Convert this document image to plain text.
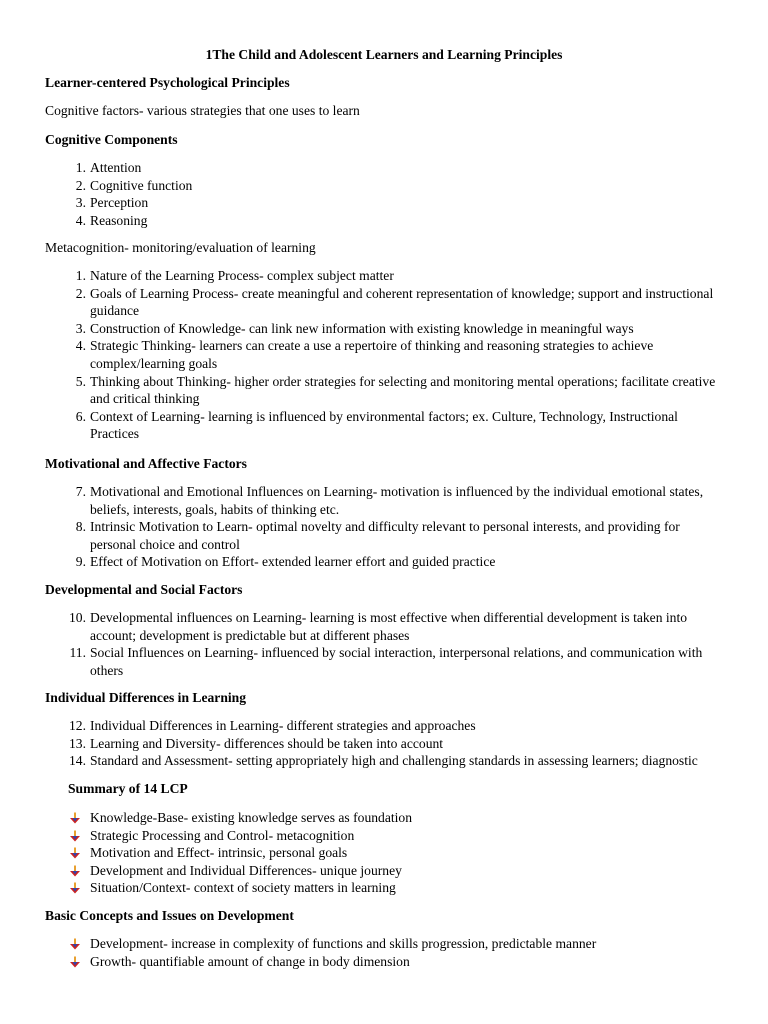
1The Child and Adolescent Learners and Learning Principles
Learner-centered Psychological Principles
Cognitive factors- various strategies that one uses to learn
Cognitive Components
1. Attention
2. Cognitive function
3. Perception
4. Reasoning
Metacognition- monitoring/evaluation of learning
1. Nature of the Learning Process- complex subject matter
2. Goals of Learning Process- create meaningful and coherent representation of knowledge; support and instructional guidance
3. Construction of Knowledge- can link new information with existing knowledge in meaningful ways
4. Strategic Thinking- learners can create a use a repertoire of thinking and reasoning strategies to achieve complex/learning goals
5. Thinking about Thinking- higher order strategies for selecting and monitoring mental operations; facilitate creative and critical thinking
6. Context of Learning- learning is influenced by environmental factors; ex. Culture, Technology, Instructional Practices
Motivational and Affective Factors
7. Motivational and Emotional Influences on Learning- motivation is influenced by the individual emotional states, beliefs, interests, goals, habits of thinking etc.
8. Intrinsic Motivation to Learn- optimal novelty and difficulty relevant to personal interests, and providing for personal choice and control
9. Effect of Motivation on Effort- extended learner effort and guided practice
Developmental and Social Factors
10. Developmental influences on Learning- learning is most effective when differential development is taken into account; development is predictable but at different phases
11. Social Influences on Learning- influenced by social interaction, interpersonal relations, and communication with others
Individual Differences in Learning
12. Individual Differences in Learning- different strategies and approaches
13. Learning and Diversity- differences should be taken into account
14. Standard and Assessment- setting appropriately high and challenging standards in assessing learners; diagnostic
Summary of 14 LCP
Knowledge-Base- existing knowledge serves as foundation
Strategic Processing and Control- metacognition
Motivation and Effect- intrinsic, personal goals
Development and Individual Differences- unique journey
Situation/Context- context of society matters in learning
Basic Concepts and Issues on Development
Development- increase in complexity of functions and skills progression, predictable manner
Growth- quantifiable amount of change in body dimension
